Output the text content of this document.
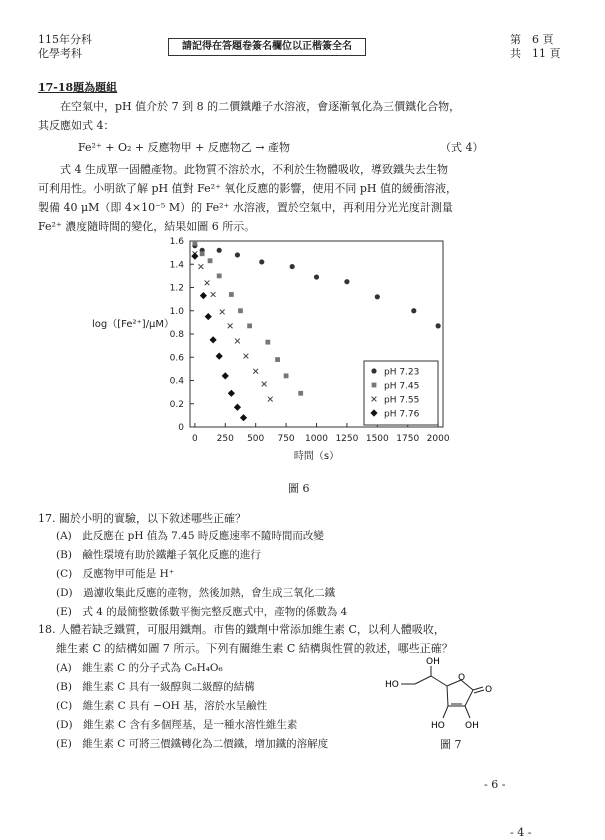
115年分科
化學考科
請記得在答題卷簽名欄位以正楷簽全名
第　6 頁
共　11 頁
17-18題為題組
在空氣中，pH 值介於 7 到 8 的二價鐵離子水溶液，會逐漸氧化為三價鐵化合物，
其反應如式 4：
Fe²⁺ + O₂ + 反應物甲 + 反應物乙 → 產物	（式 4）
式 4 生成單一固體產物。此物質不溶於水，不利於生物體吸收，導致鐵失去生物
可利用性。小明欲了解 pH 值對 Fe²⁺ 氧化反應的影響，使用不同 pH 值的緩衝溶液，
製備 40 μM（即 4×10⁻⁵ M）的 Fe²⁺ 水溶液，置於空氣中，再利用分光光度計測量
Fe²⁺ 濃度隨時間的變化，結果如圖 6 所示。
0
0.2
0.4
0.6
0.8
1.0
1.2
1.4
1.6
0 250 500 750 1000 1250 1500 1750 2000
時間（s）
log（[Fe²⁺]/μM）
pH 7.23
pH 7.45
pH 7.55
pH 7.76
圖 6
17. 關於小明的實驗，以下敘述哪些正確？
(A)　此反應在 pH 值為 7.45 時反應速率不隨時間而改變
(B)　鹼性環境有助於鐵離子氧化反應的進行
(C)　反應物甲可能是 H⁺
(D)　過濾收集此反應的產物，然後加熱，會生成三氧化二鐵
(E)　式 4 的最簡整數係數平衡完整反應式中，產物的係數為 4
18. 人體若缺乏鐵質，可服用鐵劑。市售的鐵劑中常添加維生素 C，以利人體吸收，
維生素 C 的結構如圖 7 所示。下列有關維生素 C 結構與性質的敘述，哪些正確？
(A)　維生素 C 的分子式為 C₆H₄O₆
(B)　維生素 C 具有一級醇與二級醇的結構
(C)　維生素 C 具有 −OH 基，溶於水呈鹼性
(D)　維生素 C 含有多個羥基，是一種水溶性維生素
(E)　維生素 C 可將三價鐵轉化為二價鐵，增加鐵的溶解度
OH
HO
O
O
HO OH
圖 7
- 6 -
- 4 -
